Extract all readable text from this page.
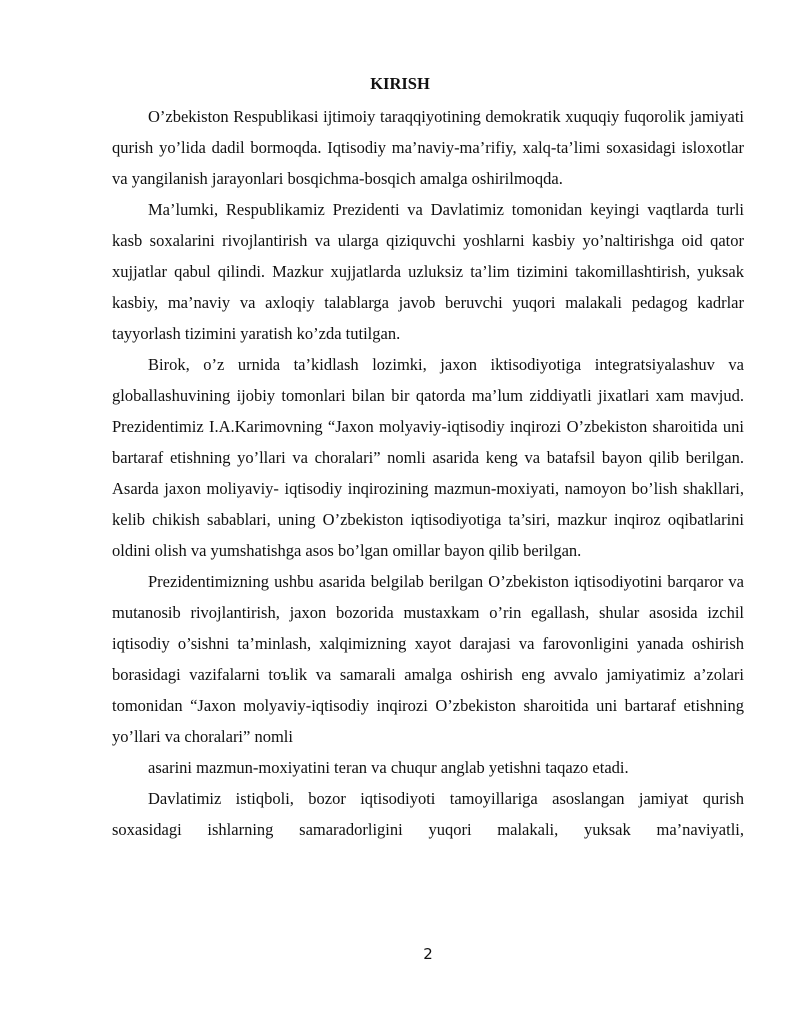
KIRISH

O’zbekiston Respublikasi ijtimoiy taraqqiyotining demokratik xuquqiy fuqorolik jamiyati qurish yo’lida dadil bormoqda. Iqtisodiy ma’naviy-ma’rifiy, xalq-ta’limi soxasidagi isloxotlar va yangilanish jarayonlari bosqichma-bosqich amalga oshirilmoqda.

Ma’lumki, Respublikamiz Prezidenti va Davlatimiz tomonidan keyingi vaqtlarda turli kasb soxalarini rivojlantirish va ularga qiziquvchi yoshlarni kasbiy yo’naltirishga oid qator xujjatlar qabul qilindi. Mazkur xujjatlarda uzluksiz ta’lim tizimini takomillashtirish, yuksak kasbiy, ma’naviy va axloqiy talablarga javob beruvchi yuqori malakali pedagog kadrlar tayyorlash tizimini yaratish ko’zda tutilgan.

Birok, o’z urnida ta’kidlash lozimki, jaxon iktisodiyotiga integratsiyalashuv va globallashuvining ijobiy tomonlari bilan bir qatorda ma’lum ziddiyatli jixatlari xam mavjud. Prezidentimiz I.A.Karimovning “Jaxon molyaviy-iqtisodiy inqirozi O’zbekiston sharoitida uni bartaraf etishning yo’llari va choralari” nomli asarida keng va batafsil bayon qilib berilgan. Asarda jaxon moliyaviy- iqtisodiy inqirozining mazmun-moxiyati, namoyon bo’lish shakllari, kelib chikish sabablari, uning O’zbekiston iqtisodiyotiga ta’siri, mazkur inqiroz oqibatlarini oldini olish va yumshatishga asos bo’lgan omillar bayon qilib berilgan.

Prezidentimizning ushbu asarida belgilab berilgan O’zbekiston iqtisodiyotini barqaror va mutanosib rivojlantirish, jaxon bozorida mustaxkam o’rin egallash, shular asosida izchil iqtisodiy o’sishni ta’minlash, xalqimizning xayot darajasi va farovonligini yanada oshirish borasidagi vazifalarni toъlik va samarali amalga oshirish eng avvalo jamiyatimiz a’zolari tomonidan “Jaxon molyaviy-iqtisodiy inqirozi O’zbekiston sharoitida uni bartaraf etishning yo’llari va choralari” nomli

asarini mazmun-moxiyatini teran va chuqur anglab yetishni taqazo etadi.

Davlatimiz istiqboli, bozor iqtisodiyoti tamoyillariga asoslangan jamiyat qurish soxasidagi ishlarning samaradorligini yuqori malakali, yuksak ma’naviyatli,

2
